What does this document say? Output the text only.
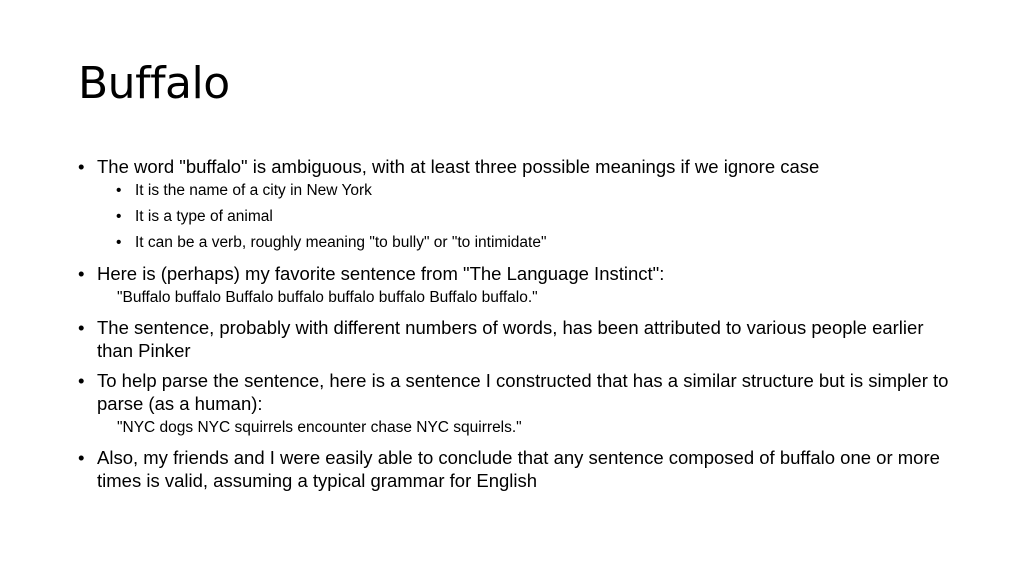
Buffalo
• The word "buffalo" is ambiguous, with at least three possible meanings if we ignore case
• It is the name of a city in New York
• It is a type of animal
• It can be a verb, roughly meaning "to bully" or "to intimidate"
• Here is (perhaps) my favorite sentence from "The Language Instinct":
"Buffalo buffalo Buffalo buffalo buffalo buffalo Buffalo buffalo."
• The sentence, probably with different numbers of words, has been attributed to various people earlier than Pinker
• To help parse the sentence, here is a sentence I constructed that has a similar structure but is simpler to parse (as a human):
"NYC dogs NYC squirrels encounter chase NYC squirrels."
• Also, my friends and I were easily able to conclude that any sentence composed of buffalo one or more times is valid, assuming a typical grammar for English
